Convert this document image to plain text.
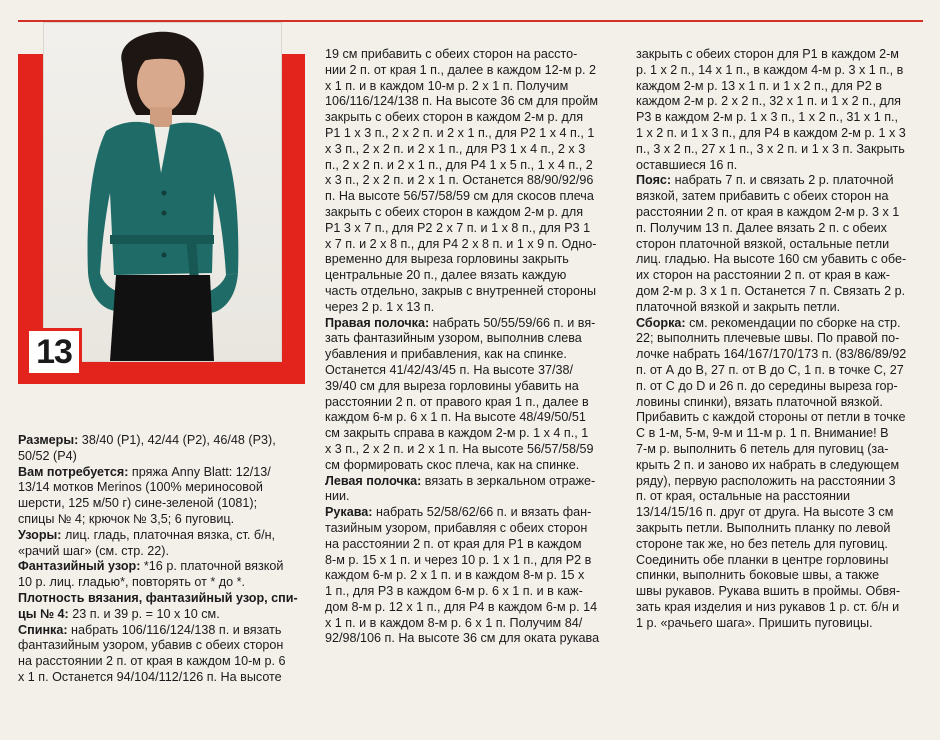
13
Размеры: 38/40 (Р1), 42/44 (Р2), 46/48 (Р3),
50/52 (Р4)
Вам потребуется: пряжа Anny Blatt: 12/13/
13/14 мотков Merinos (100% мериносовой
шерсти, 125 м/50 г) сине-зеленой (1081);
спицы № 4; крючок № 3,5; 6 пуговиц.
Узоры: лиц. гладь, платочная вязка, ст. б/н,
«рачий шаг» (см. стр. 22).
Фантазийный узор: *16 р. платочной вязкой
10 р. лиц. гладью*, повторять от * до *.
Плотность вязания, фантазийный узор, спи-
цы № 4: 23 п. и 39 р. = 10 х 10 см.
Спинка: набрать 106/116/124/138 п. и вязать
фантазийным узором, убавив с обеих сторон
на расстоянии 2 п. от края в каждом 10-м р. 6
х 1 п. Останется 94/104/112/126 п. На высоте
19 см прибавить с обеих сторон на рассто-
нии 2 п. от края 1 п., далее в каждом 12-м р. 2
х 1 п. и в каждом 10-м р. 2 х 1 п. Получим
106/116/124/138 п. На высоте 36 см для пройм
закрыть с обеих сторон в каждом 2-м р. для
Р1 1 х 3 п., 2 х 2 п. и 2 х 1 п., для Р2 1 х 4 п., 1
х 3 п., 2 х 2 п. и 2 х 1 п., для Р3 1 х 4 п., 2 х 3
п., 2 х 2 п. и 2 х 1 п., для Р4 1 х 5 п., 1 х 4 п., 2
х 3 п., 2 х 2 п. и 2 х 1 п. Останется 88/90/92/96
п. На высоте 56/57/58/59 см для скосов плеча
закрыть с обеих сторон в каждом 2-м р. для
Р1 3 х 7 п., для Р2 2 х 7 п. и 1 х 8 п., для Р3 1
х 7 п. и 2 х 8 п., для Р4 2 х 8 п. и 1 х 9 п. Одно-
временно для выреза горловины закрыть
центральные 20 п., далее вязать каждую
часть отдельно, закрыв с внутренней стороны
через 2 р. 1 х 13 п.
Правая полочка: набрать 50/55/59/66 п. и вя-
зать фантазийным узором, выполнив слева
убавления и прибавления, как на спинке.
Останется 41/42/43/45 п. На высоте 37/38/
39/40 см для выреза горловины убавить на
расстоянии 2 п. от правого края 1 п., далее в
каждом 6-м р. 6 х 1 п. На высоте 48/49/50/51
см закрыть справа в каждом 2-м р. 1 х 4 п., 1
х 3 п., 2 х 2 п. и 2 х 1 п. На высоте 56/57/58/59
см формировать скос плеча, как на спинке.
Левая полочка: вязать в зеркальном отраже-
нии.
Рукава: набрать 52/58/62/66 п. и вязать фан-
тазийным узором, прибавляя с обеих сторон
на расстоянии 2 п. от края для Р1 в каждом
8-м р. 15 х 1 п. и через 10 р. 1 х 1 п., для Р2 в
каждом 6-м р. 2 х 1 п. и в каждом 8-м р. 15 х
1 п., для Р3 в каждом 6-м р. 6 х 1 п. и в каж-
дом 8-м р. 12 х 1 п., для Р4 в каждом 6-м р. 14
х 1 п. и в каждом 8-м р. 6 х 1 п. Получим 84/
92/98/106 п. На высоте 36 см для оката рукава
закрыть с обеих сторон для Р1 в каждом 2-м
р. 1 х 2 п., 14 х 1 п., в каждом 4-м р. 3 х 1 п., в
каждом 2-м р. 13 х 1 п. и 1 х 2 п., для Р2 в
каждом 2-м р. 2 х 2 п., 32 х 1 п. и 1 х 2 п., для
Р3 в каждом 2-м р. 1 х 3 п., 1 х 2 п., 31 х 1 п.,
1 х 2 п. и 1 х 3 п., для Р4 в каждом 2-м р. 1 х 3
п., 3 х 2 п., 27 х 1 п., 3 х 2 п. и 1 х 3 п. Закрыть
оставшиеся 16 п.
Пояс: набрать 7 п. и связать 2 р. платочной
вязкой, затем прибавить с обеих сторон на
расстоянии 2 п. от края в каждом 2-м р. 3 х 1
п. Получим 13 п. Далее вязать 2 п. с обеих
сторон платочной вязкой, остальные петли
лиц. гладью. На высоте 160 см убавить с обе-
их сторон на расстоянии 2 п. от края в каж-
дом 2-м р. 3 х 1 п. Останется 7 п. Связать 2 р.
платочной вязкой и закрыть петли.
Сборка: см. рекомендации по сборке на стр.
22; выполнить плечевые швы. По правой по-
лочке набрать 164/167/170/173 п. (83/86/89/92
п. от А до В, 27 п. от В до С, 1 п. в точке С, 27
п. от С до D и 26 п. до середины выреза гор-
ловины спинки), вязать платочной вязкой.
Прибавить с каждой стороны от петли в точке
С в 1-м, 5-м, 9-м и 11-м р. 1 п. Внимание! В
7-м р. выполнить 6 петель для пуговиц (за-
крыть 2 п. и заново их набрать в следующем
ряду), первую расположить на расстоянии 3
п. от края, остальные на расстоянии
13/14/15/16 п. друг от друга. На высоте 3 см
закрыть петли. Выполнить планку по левой
стороне так же, но без петель для пуговиц.
Соединить обе планки в центре горловины
спинки, выполнить боковые швы, а также
швы рукавов. Рукава вшить в проймы. Обвя-
зать края изделия и низ рукавов 1 р. ст. б/н и
1 р. «рачьего шага». Пришить пуговицы.
